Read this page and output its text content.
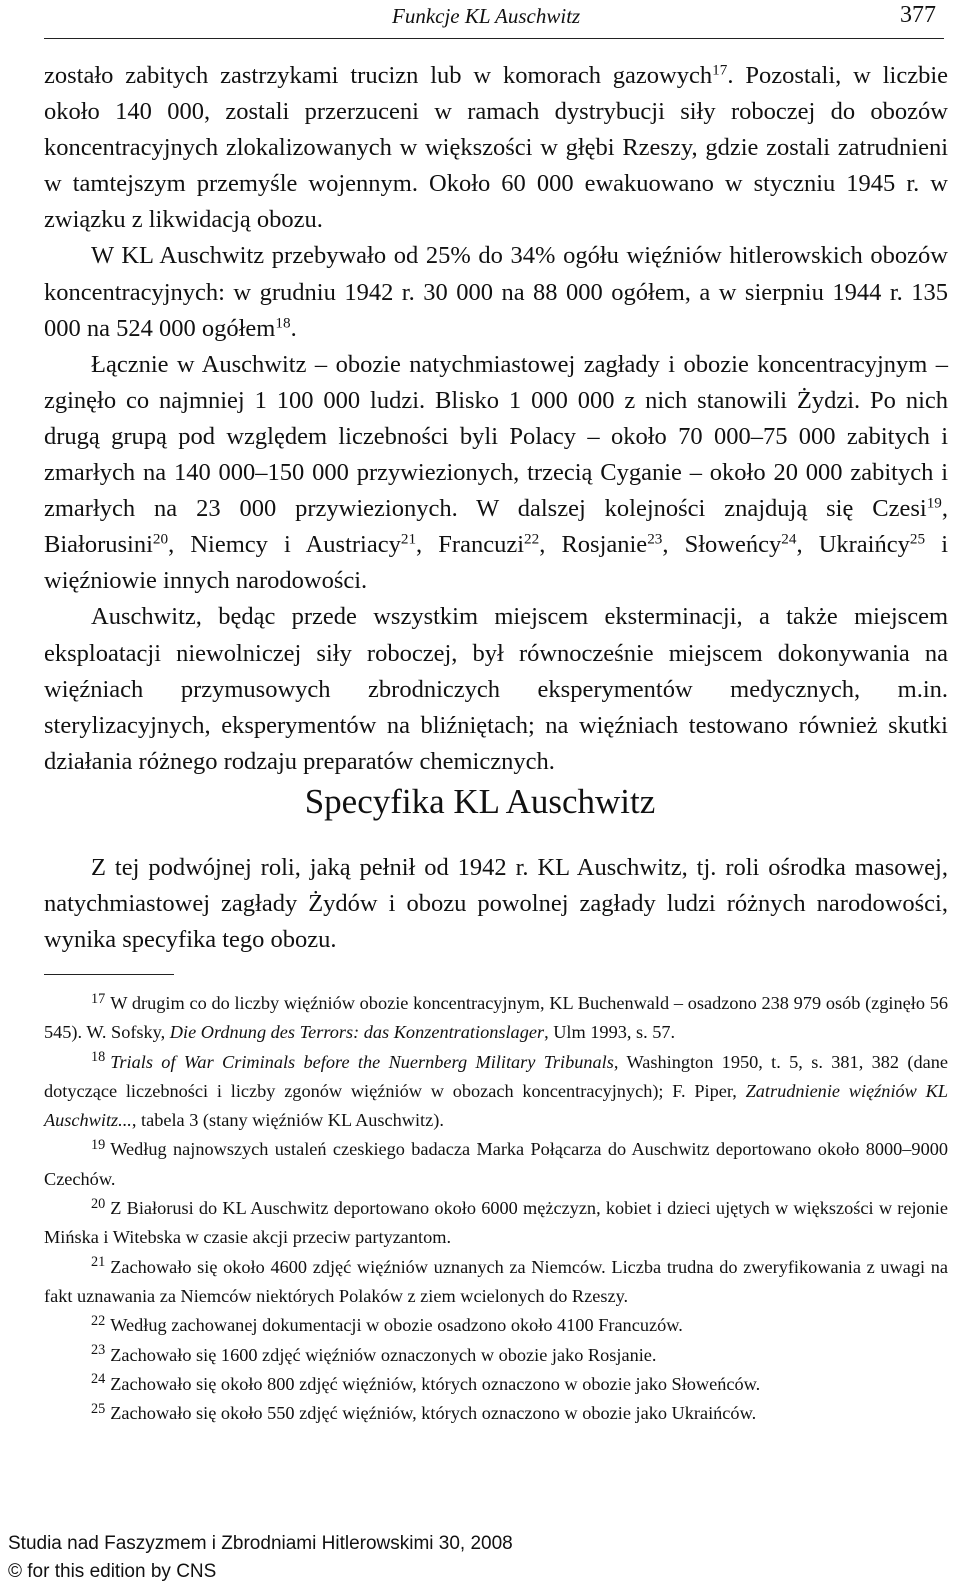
Funkcje KL Auschwitz	377

zostało zabitych zastrzykami trucizn lub w komorach gazowych$^{17}$. Pozostali, w liczbie około 140 000, zostali przerzuceni w ramach dystrybucji siły roboczej do obozów koncentracyjnych zlokalizowanych w większości w głębi Rzeszy, gdzie zostali zatrudnieni w tamtejszym przemyśle wojennym. Około 60 000 ewakuowano w styczniu 1945 r. w związku z likwidacją obozu.

W KL Auschwitz przebywało od 25% do 34% ogółu więźniów hitlerowskich obozów koncentracyjnych: w grudniu 1942 r. 30 000 na 88 000 ogółem, a w sierpniu 1944 r. 135 000 na 524 000 ogółem$^{18}$.

Łącznie w Auschwitz – obozie natychmiastowej zagłady i obozie koncentracyjnym – zginęło co najmniej 1 100 000 ludzi. Blisko 1 000 000 z nich stanowili Żydzi. Po nich drugą grupą pod względem liczebności byli Polacy – około 70 000–75 000 zabitych i zmarłych na 140 000–150 000 przywiezionych, trzecią Cyganie – około 20 000 zabitych i zmarłych na 23 000 przywiezionych. W dalszej kolejności znajdują się Czesi$^{19}$, Białorusini$^{20}$, Niemcy i Austriacy$^{21}$, Francuzi$^{22}$, Rosjanie$^{23}$, Słoweńcy$^{24}$, Ukraińcy$^{25}$ i więźniowie innych narodowości.

Auschwitz, będąc przede wszystkim miejscem eksterminacji, a także miejscem eksploatacji niewolniczej siły roboczej, był równocześnie miejscem dokonywania na więźniach przymusowych zbrodniczych eksperymentów medycznych, m.in. sterylizacyjnych, eksperymentów na bliźniętach; na więźniach testowano również skutki działania różnego rodzaju preparatów chemicznych.

Specyfika KL Auschwitz

Z tej podwójnej roli, jaką pełnił od 1942 r. KL Auschwitz, tj. roli ośrodka masowej, natychmiastowej zagłady Żydów i obozu powolnej zagłady ludzi różnych narodowości, wynika specyfika tego obozu.

$^{17}$ W drugim co do liczby więźniów obozie koncentracyjnym, KL Buchenwald – osadzono 238 979 osób (zginęło 56 545). W. Sofsky, Die Ordnung des Terrors: das Konzentrationslager, Ulm 1993, s. 57.

$^{18}$ Trials of War Criminals before the Nuernberg Military Tribunals, Washington 1950, t. 5, s. 381, 382 (dane dotyczące liczebności i liczby zgonów więźniów w obozach koncentracyjnych); F. Piper, Zatrudnienie więźniów KL Auschwitz..., tabela 3 (stany więźniów KL Auschwitz).

$^{19}$ Według najnowszych ustaleń czeskiego badacza Marka Połącarza do Auschwitz deportowano około 8000–9000 Czechów.

$^{20}$ Z Białorusi do KL Auschwitz deportowano około 6000 mężczyzn, kobiet i dzieci ujętych w większości w rejonie Mińska i Witebska w czasie akcji przeciw partyzantom.

$^{21}$ Zachowało się około 4600 zdjęć więźniów uznanych za Niemców. Liczba trudna do zweryfikowania z uwagi na fakt uznawania za Niemców niektórych Polaków z ziem wcielonych do Rzeszy.

$^{22}$ Według zachowanej dokumentacji w obozie osadzono około 4100 Francuzów.

$^{23}$ Zachowało się 1600 zdjęć więźniów oznaczonych w obozie jako Rosjanie.

$^{24}$ Zachowało się około 800 zdjęć więźniów, których oznaczono w obozie jako Słoweńców.

$^{25}$ Zachowało się około 550 zdjęć więźniów, których oznaczono w obozie jako Ukraińców.

Studia nad Faszyzmem i Zbrodniami Hitlerowskimi 30, 2008
© for this edition by CNS
